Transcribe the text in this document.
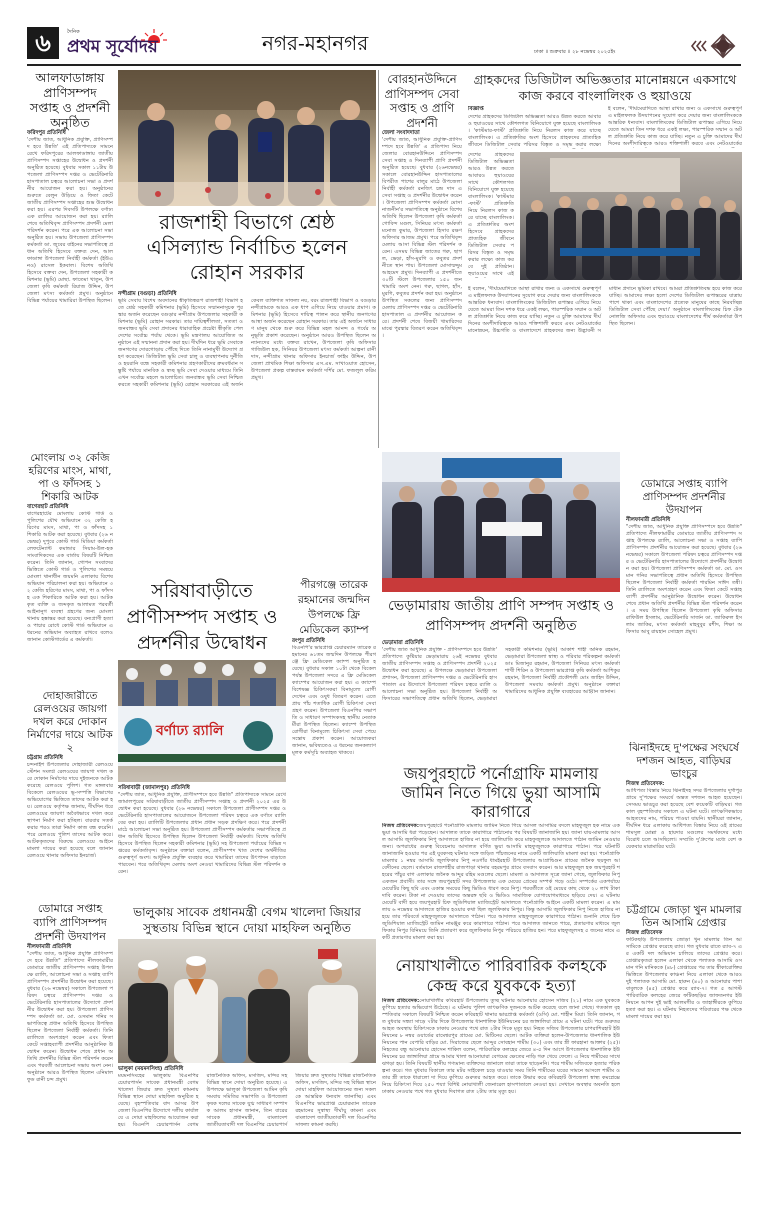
৬	দৈনিক
প্রথম সূর্যোদয়	নগর-মহানগর	ঢাকা ॥ শুক্রবার ॥ ২৮ নভেম্বর ২০২৫ইং
আলফাডাঙ্গায় প্রাণিসম্পদ সপ্তাহ ও প্রদর্শনী অনুষ্ঠিত
ফরিদপুর প্রতিনিধি
'দেশীয় জাত, আধুনিক প্রযুক্তি, প্রাণিসম্পদ হবে উন্নতি' এই প্রতিপাদ্যকে সামনে রেখে ফরিদপুরের আলফাডাঙ্গায় জাতীয় প্রাণিসম্পদ সপ্তাহের উদ্বোধন ও প্রদর্শনী অনুষ্ঠিত হয়েছে। বুধবার সকাল ১১টায় উপজেলা প্রাণিসম্পদ দপ্তর ও ভেটেরিনারি হাসপাতাল চত্বরে আলোচনা সভা ও প্রদর্শনীর আয়োজন করা হয়। অনুষ্ঠানের শুরুতে বেলুন উড়িয়ে ও ফিতা কেটে জাতীয় প্রাণিসম্পদ সপ্তাহের শুভ উদ্বোধন করা হয়। এরপর দিবসটি উপলক্ষে বর্ণাঢ্য এক র‍্যালির আয়োজন করা হয়। র‍্যালি শেষে অতিথিবৃন্দ প্রাণিসম্পদ প্রদর্শনী মেলা পরিদর্শন করেন। পরে এক আলোচনা সভা অনুষ্ঠিত হয়। সভায় উপজেলা প্রাণিসম্পদ কর্মকর্তা ডা. জুবের বাইনের সভাপতিত্বে প্রধান অতিথি হিসেবে বক্তব্য দেন, আলফাডাঙ্গা উপজেলা নির্বাহী কর্মকর্তা (ইউএনও) রাসেল ইকবাল। বিশেষ অতিথি হিসেবে বক্তব্য দেন, উপজেলা সহকারী কমিশনার (ভূমি) মোছা. ফাতেমা খাতুন, উপজেলা কৃষি কর্মকর্তা রিয়াজ উদ্দিন, উপজেলা মৎস্য কর্মকর্তা প্রমুখ। অনুষ্ঠানে বিভিন্ন পর্যায়ের খামারিরা উপস্থিত ছিলেন।
মোংলায় ৩২ কেজি হরিণের মাংস, মাথা, পা ও ফাঁদসহ ১ শিকারি আটক
বাগেরহাট প্রতিনিধি
বাগেরহাটের মোংলায় কোস্ট গার্ড ও পুলিশের যৌথ অভিযানে ৩২ কেজি হরিণের মাংস, মাথা, পা ও ফাঁদসহ ১ শিকারি আটক করা হয়েছে। বুধবার (২৬ নভেম্বর) দুপুরে কোস্ট গার্ড মিডিয়া কর্মকর্তা লেফটেন্যান্ট কমান্ডার সিয়াম-উল-হক সাংবাদিকদের এক বার্তায় বিষয়টি নিশ্চিত করেন। তিনি জানান, গোপন সংবাদের ভিত্তিতে কোস্ট গার্ড ও পুলিশের সমন্বয়ে মোংলা থানাধীন জয়মনি এলাকায় বিশেষ অভিযান পরিচালনা করা হয়। অভিযানে ৩২ কেজি হরিণের মাংস, মাথা, পা ও ফাঁদসহ এক শিকারিকে আটক করা হয়। আটককৃত ব্যক্তি ও জব্দকৃত আলামত পরবর্তী আইনানুগ ব্যবস্থা গ্রহণের জন্য মোংলা থানায় হস্তান্তর করা হয়েছে। বন্যপ্রাণী হত্যা ও পাচার রোধে কোস্ট গার্ড অভিযানে এ ধরনের অভিযান অব্যাহত রাখবে বলেও জানান কোস্টগার্ডের এ কর্মকর্তা।
দোহাজারীতে রেলওয়ের জায়গা দখল করে দোকান নির্মাণের দায়ে আটক ২
চট্টগ্রাম প্রতিনিধি
চন্দনাইশ উপজেলার দোহাজারী রেলওয়ে স্টেশন সংলগ্ন রেলওয়ের জায়গা দখল করে দোকান নির্মাণের দায়ে দুইজনকে আটক করেছে রেলওয়ে পুলিশ। গত মঙ্গলবার বিকেলে রেলওয়ের ভূ-সম্পত্তি বিভাগের অভিযোগের ভিত্তিতে তাদের আটক করা হয়। রেলওয়ে কর্তৃপক্ষ জানায়, দীর্ঘদিন ধরে রেলওয়ের জায়গা অবৈধভাবে দখল করে স্থাপনা নির্মাণ করা হচ্ছিল। বারবার সতর্ক করার পরও তারা নির্মাণ কাজ বন্ধ করেনি। পরে রেলওয়ে পুলিশ তাদের আটক করে। আটককৃতদের বিরুদ্ধে রেলওয়ে আইনে মামলা দায়ের করা হয়েছে বলে জানান রেলওয়ে থানার অফিসার ইনচার্জ।
ডোমারে সপ্তাহ ব্যাপি প্রাণিসম্পদ প্রদর্শনী উদযাপন
নীলফামারী প্রতিনিধি
"দেশীয় জাত, আধুনিক প্রযুক্তি প্রাণিসম্পদে হবে উন্নতি" প্রতিপাদ্যে নীলফামারীর ডোমারে জাতীয় প্রাণিসম্পদ সপ্তাহ উপলক্ষে র‍্যালি, আলোচনা সভা ও সপ্তাহ ব্যাপি প্রাণিসম্পদ প্রদর্শনীর উদ্বোধন করা হয়েছে। বুধবার (২৬ নভেম্বর) সকালে উপজেলা পরিষদ চত্বরে প্রাণিসম্পদ দপ্তর ও ভেটেরিনারি হাসপাতালের উদ্যোগে প্রদর্শনীর উদ্বোধন করা হয়। উপজেলা প্রাণিসম্পদ কর্মকর্তা ডা. মো. ওসমান গনির সভাপতিত্বে প্রধান অতিথি হিসেবে উপস্থিত ছিলেন উপজেলা নির্বাহী কর্মকর্তা। তিনি র‍্যালিতে অংশগ্রহণ করেন এবং ফিতা কেটে সপ্তাহব্যাপী প্রদর্শনীর আনুষ্ঠানিক উদ্বোধন করেন। উদ্বোধন শেষে প্রধান অতিথি প্রদর্শনীর বিভিন্ন স্টল পরিদর্শন করেন এবং পরবর্তী আলোচনা সভায় অংশ নেন। অনুষ্ঠানে আরও উপস্থিত ছিলেন এনিমাল ফুড রানী চন্দ প্রমুখ।
রাজশাহী বিভাগে শ্রেষ্ঠ এসিল্যান্ড নির্বাচিত হলেন রোহান সরকার
নন্দীগ্রাম (বগুড়া) প্রতিনিধি
ভূমি সেবায় বিশেষ অবদানের স্বীকৃতিস্বরূপ রাজশাহী বিভাগ হতে শ্রেষ্ঠ সহকারী কমিশনার (ভূমি) হিসেবে সম্মাননাসূচক পুরস্কার অর্জন করেছেন বগুড়ার নন্দীগ্রাম উপজেলার সহকারী কমিশনার (ভূমি) রোহান সরকার। তার দায়িত্বশীলতা, সততা ও জনবান্ধব ভূমি সেবা প্রদানের ধারাবাহিক প্রচেষ্টা স্বীকৃতি পেল দেশের সর্বোচ্চ পর্যায় থেকে। ভূমি মন্ত্রণালয় আয়োজিত অনুষ্ঠানে এই সম্মাননা প্রদান করা হয়। দীর্ঘদিন ধরে ভূমি সেবাকে জনগণের দোরগোড়ায় পৌঁছে দিতে তিনি নানামুখী উদ্যোগ গ্রহণ করেছেন। ডিজিটাল ভূমি সেবা চালু ও ব্যবস্থাপনায় দুর্নীতি ও হয়রানি বন্ধে সহকারী কমিশনার গ্রহণকারীদের ক্রমবর্ধমান সন্তুষ্টি পর্যায়ে মানবিক ও স্বচ্ছ ভূমি সেবা দেওয়ার মাধ্যমে তিনি এখন সর্বোচ্চ মহলে আলোচিত। জনবান্ধব ভূমি সেবা নিশ্চিত করতে সহকারী কমিশনার (ভূমি) রোহান সরকারের এই অর্জন কেবল ব্যক্তিগত সাফল্য নয়, বরং রাজশাহী বিভাগ ও বগুড়ার নন্দীগ্রামকে আরও এক ধাপ এগিয়ে নিয়ে যাওয়ার প্রমাণ। কমিশনার (ভূমি) হিসেবে দায়িত্ব পালন করে স্থানীয় জনগণের আস্থা অর্জন করেছেন রোহান সরকার। তার এই অর্জনে সাধারণ মানুষ থেকে শুরু করে বিভিন্ন মহল আনন্দ ও গর্বের অনুভূতি প্রকাশ করেছেন। অনুষ্ঠানে আরও উপস্থিত ছিলেন অন্যান্যদের মধ্যে বক্তব্য রাখেন, উপজেলা কৃষি অফিসার গাজিউল হক, সিনিয়র উপজেলা মৎস্য কর্মকর্তা আল্পনা রানী দাস, নন্দীগ্রাম থানার অফিসার ইনচার্জ ফাইম উদ্দিন, উপজেলা প্রাথমিক শিক্ষা অফিসার এস.এম. সাখাওয়াত হোসেন, উপজেলা প্রকল্প বাস্তবায়ন কর্মকর্তা দর্শির মো. ফজলুল করিম প্রমুখ।
বোরহানউদ্দিনে প্রাণিসম্পদ সেবা সপ্তাহ ও প্রাণি প্রদর্শনী
জেলা সংবাদদাতা
'দেশীয় জাত, আধুনিক প্রযুক্তি-প্রাণিসম্পদে হবে উন্নতি' এ প্রতিপাদ্য নিয়ে জেলার বোরহানউদ্দিনে প্রাণিসম্পদ সেবা সপ্তাহ ও দিনব্যাপী প্রাণি প্রদর্শনী অনুষ্ঠিত হয়েছে। বুধবার (২৬নভেম্বর) সকালে বোরহানউদ্দিন হাসপাতালের বিপরীত পাশের বালুর মাঠে উপজেলা নির্বাহী কর্মকর্তা রনজিৎ চন্দ্র দাস এ সেবা সপ্তাহ ও প্রদর্শনীর উদ্বোধন করেন। উপজেলা প্রাণিসম্পদ কর্মকর্তা মোসা নাজনীন'র সভাপতিত্বে অনুষ্ঠানে বিশেষ অতিথি ছিলেন উপজেলা কৃষি কর্মকর্তা গোবিন্দ মণ্ডল, সিনিয়র মৎস্য কর্মকর্তা মনোজ কুমার, উপজেলা হিসাব রক্ষণ অফিসার আজম প্রমুখ। পরে অতিথিবৃন্দ মেলায় আসা বিভিন্ন স্টল পরিদর্শন করেন। এসময় বিভিন্ন জাতের গরু, ছাগল, ভেড়া, হাঁস-মুরগি ও কবুতর প্রদর্শনীতে স্থান পায়। উপজেলা মোসাম্মদ্দুম আহমেদ প্রমুখ। দিনব্যাপী এ প্রদর্শনীতে ৩০টি স্টলে উপজেলার ১৫০ জন খামারি অংশ নেন। গরু, ছাগল, হাঁস, মুরগি, কবুতর প্রদর্শন করা হয়। অনুষ্ঠানে উপস্থিত সকলের জন্য প্রাণিসম্পদ মেলায় প্রাণিসম্পদ দপ্তর ও ভেটেরিনারি হাসপাতাল এ প্রদর্শনীর আয়োজন করে। প্রদর্শনী শেষে বিজয়ী খামারিদের মাঝে পুরস্কার বিতরণ করেন অতিথিবৃন্দ।
গ্রাহকদের ডিজিটাল অভিজ্ঞতার মানোন্নয়নে একসাথে কাজ করবে বাংলালিংক ও হুয়াওয়ে
বিজ্ঞপ্তি
দেশের গ্রাহকদের ডিজিটাল অভিজ্ঞতা আরও উন্নত করতে আবারও হুয়াওয়ের সাথে কৌশলগত বিনিয়োগে যুক্ত হয়েছে বাংলালিংক। 'কাস্টমার-ফার্স্ট' প্রতিশ্রুতি নিয়ে নিরলস কাজ করে যাচ্ছে বাংলালিংক। এ প্রতিশ্রুতির অংশ হিসেবে গ্রাহকদের প্রাত্যহিক জীবনে ডিজিটাল সেবার পরিসর বিস্তৃত ও সমৃদ্ধ করার লক্ষ্যে
ই বলেন, 'দীর্ঘমেয়াদিতে আস্থা রাখার জন্য ও একসাথে গুরুত্বপূর্ণ এ মাইলফলক উদযাপনের সুযোগ করে দেয়ার জন্য বাংলালিংককে আন্তরিক ধন্যবাদ। বাংলালিংকের ডিজিটাল রূপান্তর এগিয়ে নিয়ে যেতে আমরা তিন দশক ধরে একই লক্ষ্য, পারস্পরিক সম্মান ও অটল প্রতিশ্রুতি নিয়ে কাজ করে যাচ্ছি। নতুন এ চুক্তি আমাদের দীর্ঘদিনের অংশীদারিত্বকে আরও শক্তিশালী করবে এবং নেটওয়ার্কের
দেশের গ্রাহকদের ডিজিটাল অভিজ্ঞতা আরও উন্নত করতে আবারও হুয়াওয়ের সাথে কৌশলগত বিনিয়োগে যুক্ত হয়েছে বাংলালিংক। 'কাস্টমার-ফার্স্ট' প্রতিশ্রুতি নিয়ে নিরলস কাজ করে যাচ্ছে বাংলালিংক। এ প্রতিশ্রুতির অংশ হিসেবে গ্রাহকদের প্রাত্যহিক জীবনে ডিজিটাল সেবার পরিসর বিস্তৃত ও সমৃদ্ধ করার লক্ষ্যে কাজ করবে দুই প্রতিষ্ঠান। হুয়াওয়ের সাথে এই
ই বলেন, 'দীর্ঘমেয়াদিতে আস্থা রাখার জন্য ও একসাথে গুরুত্বপূর্ণ এ মাইলফলক উদযাপনের সুযোগ করে দেয়ার জন্য বাংলালিংককে আন্তরিক ধন্যবাদ। বাংলালিংকের ডিজিটাল রূপান্তর এগিয়ে নিয়ে যেতে আমরা তিন দশক ধরে একই লক্ষ্য, পারস্পরিক সম্মান ও অটল প্রতিশ্রুতি নিয়ে কাজ করে যাচ্ছি। নতুন এ চুক্তি আমাদের দীর্ঘদিনের অংশীদারিত্বকে আরও শক্তিশালী করবে এবং নেটওয়ার্কের মানোন্নয়ন, উচ্চগতি ও বাংলাদেশে গ্রাহকদের জন্য উদ্ভাবনী সমাধান প্রদানে ভূমিকা রাখবে। আমরা প্রতিশ্রুতিবদ্ধ হয়ে কাজ করে যাচ্ছি। আমাদের লক্ষ্য হলো দেশের ডিজিটাল রূপান্তরের যাত্রায় পাশে থাকা এবং বাংলাদেশের প্রত্যেক মানুষের কাছে নিরবচ্ছিন্ন ডিজিটাল সেবা পৌঁছে দেয়া।' অনুষ্ঠানে বাংলালিংকের চিফ টেকনোলজি অফিসার এবং হুয়াওয়ে বাংলাদেশের শীর্ষ কর্মকর্তারা উপস্থিত ছিলেন।
সরিষাবাড়ীতে প্রাণীসম্পদ সপ্তাহ ও প্রদর্শনীর উদ্বোধন
বর্ণাঢ্য র‍্যালি
সরিষাবাড়ী (জামালপুর) প্রতিনিধি
"দেশীয় জাত, আধুনিক প্রযুক্তি, প্রাণীসম্পদে হবে উন্নতি" প্রতিপাদ্যকে সামনে রেখে জামালপুরের সরিষাবাড়ীতে জাতীয় প্রাণীসম্পদ সপ্তাহ ও প্রদর্শনী ২০২৫ এর উদ্বোধন করা হয়েছে। বুধবার (২৬ নভেম্বর) সকালে উপজেলা প্রাণীসম্পদ দপ্তর ও ভেটেরিনারি হাসপাতালের আয়োজনে উপজেলা পরিষদ চত্বরে এক বর্ণাঢ্য র‍্যালি বের করা হয়। র‍্যালিটি উপজেলার প্রধান প্রধান সড়ক প্রদক্ষিণ করে। পরে প্রদর্শনী মাঠে আলোচনা সভা অনুষ্ঠিত হয়। উপজেলা প্রাণীসম্পদ কর্মকর্তার সভাপতিত্বে প্রধান অতিথি হিসেবে উপস্থিত ছিলেন উপজেলা নির্বাহী কর্মকর্তা। বিশেষ অতিথি হিসেবে উপস্থিত ছিলেন সহকারী কমিশনার (ভূমি) সহ উপজেলা পর্যায়ের বিভিন্ন দপ্তরের কর্মকর্তাবৃন্দ। অনুষ্ঠানে বক্তারা বলেন, প্রাণীসম্পদ খাত দেশের অর্থনীতির গুরুত্বপূর্ণ অংশ। আধুনিক প্রযুক্তি ব্যবহার করে খামারিরা তাদের উৎপাদন বাড়াতে পারবেন। পরে অতিথিবৃন্দ মেলায় অংশ নেওয়া খামারিদের বিভিন্ন স্টল পরিদর্শন করেন।
পীরগঞ্জে তারেক রহমানের জন্মদিন উপলক্ষে ফ্রি মেডিকেল ক্যাম্প
রংপুর প্রতিনিধি
বিএনপি'র ভারপ্রাপ্ত চেয়ারম্যান তারেক রহমানের ৬১তম জন্মদিন উপলক্ষে পীরগঞ্জে ফ্রি মেডিকেল ক্যাম্প অনুষ্ঠিত হয়েছে। বুধবার সকাল ১০টা থেকে বিকেল পর্যন্ত উপজেলা সদরে এ ফ্রি মেডিকেল ক্যাম্পের আয়োজন করা হয়। এ ক্যাম্পে বিশেষজ্ঞ চিকিৎসকরা বিনামূল্যে রোগী দেখেন এবং ওষুধ বিতরণ করেন। এতে প্রায় পাঁচ শতাধিক রোগী চিকিৎসা সেবা গ্রহণ করেন। উপজেলা বিএনপির সভাপতি ও সাধারণ সম্পাদকসহ স্থানীয় নেতাকর্মীরা উপস্থিত ছিলেন। ক্যাম্পে উপস্থিত রোগীরা বিনামূল্যে চিকিৎসা সেবা পেয়ে সন্তোষ প্রকাশ করেন। আয়োজকরা জানান, ভবিষ্যতেও এ ধরনের জনকল্যাণমূলক কর্মসূচি অব্যাহত থাকবে।
ভেড়ামারায় জাতীয় প্রাণি সম্পদ সপ্তাহ ও প্রাণিসম্পদ প্রদর্শনী অনুষ্ঠিত
ভেড়ামারা প্রতিনিধি
'দেশীয় জাত আধুনিক প্রযুক্তি - প্রাণিসম্পদে হবে উন্নতি' প্রতিপাদ্যে কুষ্টিয়ার ভেড়ামারায় ২৬ই নভেম্বর বুধবার জাতীয় প্রাণিসম্পদ সপ্তাহ ও প্রাণিসম্পদ প্রদর্শনী ২০২৫ উদ্বোধন করা হয়েছে। এ উপলক্ষে ভেড়ামারা উপজেলা প্রশাসন, উপজেলা প্রাণিসম্পদ দপ্তর ও ভেটেরিনারি হাসপাতাল এর উদ্যোগে উপজেলা পরিষদ চত্বরে র‍্যালি ও আলোচনা সভা অনুষ্ঠিত হয়। উপজেলা নির্বাহী অফিসারের সভাপতিত্বে প্রধান অতিথি ছিলেন, ভেড়ামারা সহকারী কমিশনার (ভূমি) আকাশ শাহী অনিক রহমান, ভেড়ামারা উপজেলা স্বাস্থ্য ও পরিবার পরিকল্পনা কর্মকর্তা ডাঃ মিজানুর রহমান, উপজেলা সিনিয়র মৎস্য কর্মকর্তা শাখী শিরিন ও উপজেলা ভারপ্রাপ্ত কৃষি কর্মকর্তা আশিকুর রহমান, উপজেলা নির্বাহী প্রকৌশলী মোঃ জাহিদ উদ্দিন, উপজেলা সমবায় কর্মকর্তা প্রমুখ। অনুষ্ঠানে বক্তারা খামারিদের আধুনিক প্রযুক্তি ব্যবহারের আহ্বান জানান।
ডোমারে সপ্তাহ ব্যাপি প্রাণিসম্পদ প্রদর্শনীর উদযাপন
নীলফামারী প্রতিনিধি
"দেশীয় জাত, আধুনিক প্রযুক্তি প্রাণিসম্পদে হবে উন্নতি" প্রতিপাদ্যে নীলফামারীর ডোমারে জাতীয় প্রাণিসম্পদ সপ্তাহ উপলক্ষে র‍্যালি, আলোচনা সভা ও সপ্তাহ ব্যাপি প্রাণিসম্পদ প্রদর্শনীর আয়োজন করা হয়েছে। বুধবার (২৬ নভেম্বর) সকালে উপজেলা পরিষদ চত্বরে প্রাণিসম্পদ দপ্তর ও ভেটেরিনারি হাসপাতালের উদ্যোগে প্রদর্শনীর উদ্বোধন করা হয়। উপজেলা প্রাণিসম্পদ কর্মকর্তা ডা. মো. ওসমান গনির সভাপতিত্বে প্রধান অতিথি হিসেবে উপস্থিত ছিলেন উপজেলা নির্বাহী কর্মকর্তা শারমিন সাঈদ তন্বী। তিনি র‍্যালিতে অংশগ্রহণ করেন এবং ফিতা কেটে সপ্তাহব্যাপী প্রদর্শনীর আনুষ্ঠানিক উদ্বোধন করেন। উদ্বোধন শেষে প্রধান অতিথি প্রদর্শনীর বিভিন্ন স্টল পরিদর্শন করেন। এ সময় উপস্থিত ছিলেন উপজেলা কৃষি অফিসার রাফিউল ইসলাম, ভেটেরিনারি সার্জন ডা. জাকিরুল ইসলাম জাকির, মৎস্য কর্মকর্তা মাহবুবুর রশীদ, শিক্ষা অফিসার আবু রায়হান সোহেল প্রমুখ।
ঝিনাইদহে দু'পক্ষের সংঘর্ষে দশজন আহত, বাড়িঘর ভাংচুর
নিজস্ব প্রতিবেদক:
আধিপত্য বিস্তার নিয়ে ঝিনাইদহ সদর উপজেলার দুর্গাপুর গ্রামে দু'পক্ষের সংঘর্ষে অন্তত দশজন আহত হয়েছেন। সেসময় ভাঙচুর করা হয়েছে বেশ কয়েকটি বাড়িঘর। গতকাল বৃহস্পতিবার সকালে এ ঘটনা ঘটে। তাৎক্ষণিকভাবে আহতদের নাম, পরিচয় পাওয়া যায়নি। স্থানীয়রা জানান, দীর্ঘদিন ধরে এলাকায় আধিপত্য বিস্তার নিয়ে ওই গ্রামের শামসুল মোল্লা ও হায়দার মণ্ডলের সমর্থকদের মধ্যে বিরোধ চলে আসছিলো। সম্প্রতি দু'গ্রুপের মধ্যে বেশ কয়েকবার মারামারির ঘটে।
জয়পুরহাটে পর্নোগ্রাফি মামলায় জামিন নিতে গিয়ে ভুয়া আসামি কারাগারে
নিজস্ব প্রতিবেদক:জয়পুরহাটে পর্নোগ্রাফি মামলায় জামিন নিতে গিয়ে আসল আসামির বদলে মাহফুজুল হক নামে এক ভুয়া আসামি ধরা পড়েছেন। আদালত তাকে কারাগারে পাঠানোর পর বিষয়টি জানাজানি হয়। জানা যায়-মামলার আসল আসামি জুলফিকার নিপু আদালতে হাজির না হয়ে জালিয়াতি করে মাহফুজুলকে আদালতে পাঠান জামিন নেওয়ার জন্য। অপরাধের গুরুত্ব বিবেচনায় আদালত বর্ণিত ভুয়া আসামি মাহফুজুলকে কারাগারে পাঠান। পরে ঘটনাটি জানাজানি হওয়ার পর এই যুবকসহ ঘটনার সঙ্গে জড়িত পাঁচজনের নামে একটি জালিয়াতি মামলা করা হয়। পর্নোগ্রাফি মামলার ১ নম্বর আসামি জুলফিকার নিপু নওগাঁর ধামইরহাট উপজেলার আগ্রাদ্বিগুন গ্রামের জনৈক ছয়ফুল আবেদীনের ছেলে। বর্তমানে রাজশাহীর রাজপাড়া থানার বহরমপুর গ্রামে বসবাস করেন। আর মাহফুজুল হক জয়পুরহাট শহরের পাঁচুর বাগ এলাকার জনৈক আব্দুর রহিম মণ্ডলের ছেলে। মামলা ও আদালত সূত্রে জানা গেছে, জুলফিকার নিপু একজন প্রবাসী। তার সঙ্গে জয়পুরহাট সদর উপজেলার এক মেয়ের প্রেমের সম্পর্ক গড়ে ওঠে। সম্পর্কের একপর্যায়ে মেয়েটির কিছু ছবি এবং একান্ত সময়ের কিছু ভিডিও ধারণ করে নিপু। পরবর্তীতে ওই মেয়ের কাছ থেকে ২০ লাখ টাকা দাবি করেন। টাকা না দেওয়ায় তাদের অন্তরঙ্গ ছবি ও ভিডিও সামাজিক যোগাযোগমাধ্যমে ছড়িয়ে দেয়। এ ঘটনায় মেয়েটি বাদী হয়ে জয়পুরহাট চিফ জুডিশিয়াল ম্যাজিস্ট্রেট আদালতে পর্নোগ্রাফি আইনে একটি মামলা করেন। এ মামলায় ৬ নভেম্বর আদালতে হাজির হওয়ার কথা ছিল জুলফিকার নিপুর। কিন্তু আসামি জুলফিকার নিপু নিজে হাজির না হয়ে তার পরিবর্তে মাহফুজুলকে আদালতে পাঠান। পরে আদালত মাহফুজুলকে কারাগারে পাঠান। শুনানি শেষে চিফ জুডিশিয়াল ম্যাজিস্ট্রেট জামিন নামঞ্জুর করে কারাগারে পাঠান। পরে আদালত জানতে পারে, প্রতারণার মাধ্যমে জুলফিকার নিপুর বিনিময়ে তিনি প্রতারণা করে জুলফিকার নিপুর পরিচয়ে হাজির হন। পরে মাহফুজুলসহ ৫ জনের নামে একটি প্রতারণার মামলা করা হয়।
চট্টগ্রামে জোড়া খুন মামলার তিন আসামি গ্রেপ্তার
নিজস্ব প্রতিবেদক
ফটিকছড়ি উপজেলায় জোড়া খুন মামলার তিন আসামিকে গ্রেপ্তার করেছে র‍্যাব। গত বুধবার রাতে র‍্যাব-৭ এর একটি দল অভিযান চালিয়ে তাদের গ্রেপ্তার করে। গ্রেপ্তারকৃতরা হলেন এলাকা থেকে পলাতক আসামি ওসমান গনি মানিককে (৪৮) গ্রেপ্তারের পর তার স্বীকারোক্তির ভিত্তিতে উপজেলার কাঞ্চনা নিয়ে এলাকা থেকে আরও দুই পলাতক আসামি মো. হারুন (৪০) ও আনোয়ার পাশা বাবুলকে (৪৫) গ্রেপ্তার করে র‍্যাব-৭। গত ৫ আগস্ট পারিবারিক কলহের জেরে ফটিকছড়ির জাফতনগর ইউনিয়নে আপন দুই ভাই আলমগীর ও জাহাঙ্গীরকে কুপিয়ে হত্যা করা হয়। এ ঘটনায় নিহতদের পরিবারের পক্ষ থেকে মামলা দায়ের করা হয়।
ভালুকায় সাবেক প্রধানমন্ত্রী বেগম খালেদা জিয়ার সুস্থতায় বিভিন্ন স্থানে দোয়া মাহফিল অনুষ্ঠিত
ভালুকা (ময়মনসিংহ) প্রতিনিধি
ময়মনসিংহের ভালুকায় বিএনপির চেয়ারপার্সন সাবেক প্রধানমন্ত্রী বেগম খালেদা জিয়ার দ্রুত সুস্থতা কামনায় বিভিন্ন স্থানে দোয়া মাহফিল অনুষ্ঠিত হয়েছে। বৃহস্পতিবার বাদ আসর উপজেলা বিএনপির উদ্যোগে দলীয় কার্যালয়ে এ দোয়া মাহফিলের আয়োজন করা হয়। বিএনপি চেয়ারপার্সন বেগম রাজনৈতিক অফিস, মসজিদ, মন্দির সহ বিভিন্ন স্থানে দোয়া অনুষ্ঠিত হয়েছে। এ উপলক্ষে ভালুকা উপজেলা আমিন কৃষি সমবায় সমিতির সভাপতি ও উপজেলা কৃষক দলের সাবেক যুগ্ম সাধারণ সম্পাদক আলম হাসান জানান, তিন বারের সাবেক প্রধানমন্ত্রী, বাংলাদেশ জাতীয়তাবাদী দল বিএনপির চেয়ারপার্স জিয়ার দ্রুত সুস্থতায় বিভিন্ন রাজনৈতিক অফিস, মসজিদ, মন্দির সহ বিভিন্ন স্থানে দোয়া মাহফিল আয়োজনের জন্য সকলকে আন্তরিক ধন্যবাদ জানাচ্ছি। এবং বিএনপির ভারপ্রাপ্ত চেয়ারম্যান তারেক রহমানের সুস্বাস্থ্য দীর্ঘায়ু কামনা এবং বাংলাদেশ জাতীয়তাবাদী দল বিএনপির সাফল্য কামনা করছি।
নোয়াখালীতে পারিবারিক কলহকে কেন্দ্র করে যুবককে হত্যা
নিজস্ব প্রতিবেদক:নোয়াখালীর কবিরহাট উপজেলায় তুচ্ছ ঘটনার আনোয়ার হোসেন সজিব (২১) নামে এক যুবককে কুপিয়ে হত্যার অভিযোগ উঠেছে। এ ঘটনায় পুলিশ তাৎক্ষণিক দুজনকে আটক করেছে বলে জানা গেছে। গতকাল বৃহস্পতিবার সকালে বিষয়টি নিশ্চিত করেন কবিরহাট থানার ভারপ্রাপ্ত কর্মকর্তা (ওসি) মো. শাহীন মিয়া। তিনি জানান, গত বুধবার সন্ধ্যা সাড়ে ৭টার দিকে উপজেলার ধানশালিক ইউনিয়নের চর জাঙ্গালিয়া গ্রামে এ ঘটনা ঘটে। পরে গুরুতর আহত অবস্থায় চিকিৎসকে ঢাকায় নেওয়ার পথে রাত ২টার দিকে মৃত্যু হয়। নিহত সজিব উপজেলার চাপরাশিরহাট ইউনিয়নের ৮ নম্বর ওয়ার্ডের রামেশ্বরপুর গ্রামের মো. মিটিনের ছেলে। আটক ব্যক্তিরা হলেন-উপজেলার ধানশালিক ইউনিয়নের পান বেপারি বাড়ির মো. সিরাজের ছেলে আব্দুর সোবহান শামীম (৩০) এবং তার স্ত্রী ফারহানা আক্তার (২৫)। নিহতের বন্ধু আনোয়ার হোসেন শাকিল বলেন, পারিবারিক কলহের জেরে ৪-৫ দিন আগে উপজেলার ধানশালিক ইউনিয়নের চর জাঙ্গালিয়া গ্রামে আমার খালা আনোয়ারা বেগমের ক্ষেতের নাড়ি গরু খেয়ে ফেলে। এ নিয়ে শামীমের সাথে ঝগড়া হয়। তিনি বিষয়টি স্থানীয় গণ্যমান্য ব্যক্তিদের জানালে তারা তাকে ছাড়েননি। পরে শামীম সজিবকে হত্যার পরিকল্পনা করে। গত বুধবার বিকালে তার মটর সাইকেল চড়ে যাওয়ার সময় তিনি শামীমের ঘরের সামনে আসলে শামীম ও তার স্ত্রী তাকে ধারালো দা দিয়ে কুপিয়ে গুরুতর আহত করে। তাকে উদ্ধার করে কবিরহাট উপজেলা স্বাস্থ্য কমপ্লেক্সে নিয়ে চিকিৎসা দিয়ে ২৫০ শয্যা বিশিষ্ট নোয়াখালী জেনারেল হাসপাতালে নেওয়া হয়। সেখানে অবস্থার অবনতি হলে ঢাকায় নেওয়ার পথে গত বুধবার দিবাগত রাত ২টায় তার মৃত্যু হয়।
